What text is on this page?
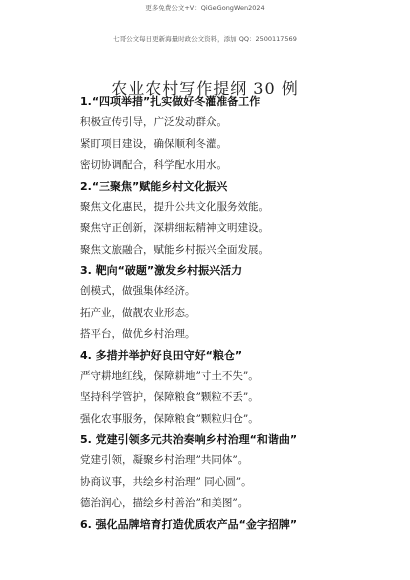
更多免费公文+V：QiGeGongWen2024
七哥公文每日更新海量时政公文资料，添加 QQ：2500117569
农业农村写作提纲 30 例
1.“四项举措”扎实做好冬灌准备工作
积极宣传引导，广泛发动群众。
紧盯项目建设，确保顺利冬灌。
密切协调配合，科学配水用水。
2.“三聚焦”赋能乡村文化振兴
聚焦文化惠民，提升公共文化服务效能。
聚焦守正创新，深耕细耘精神文明建设。
聚焦文旅融合，赋能乡村振兴全面发展。
3. 靶向“破题”激发乡村振兴活力
创模式，做强集体经济。
拓产业，做靓农业形态。
搭平台，做优乡村治理。
4. 多措并举护好良田守好“粮仓”
严守耕地红线，保障耕地”寸土不失”。
坚持科学管护，保障粮食”颗粒不丢”。
强化农事服务，保障粮食”颗粒归仓”。
5. 党建引领多元共治奏响乡村治理“和谐曲”
党建引领，凝聚乡村治理”共同体”。
协商议事，共绘乡村治理” 同心圆”。
德治润心，描绘乡村善治”和美图”。
6. 强化品牌培育打造优质农产品“金字招牌”
